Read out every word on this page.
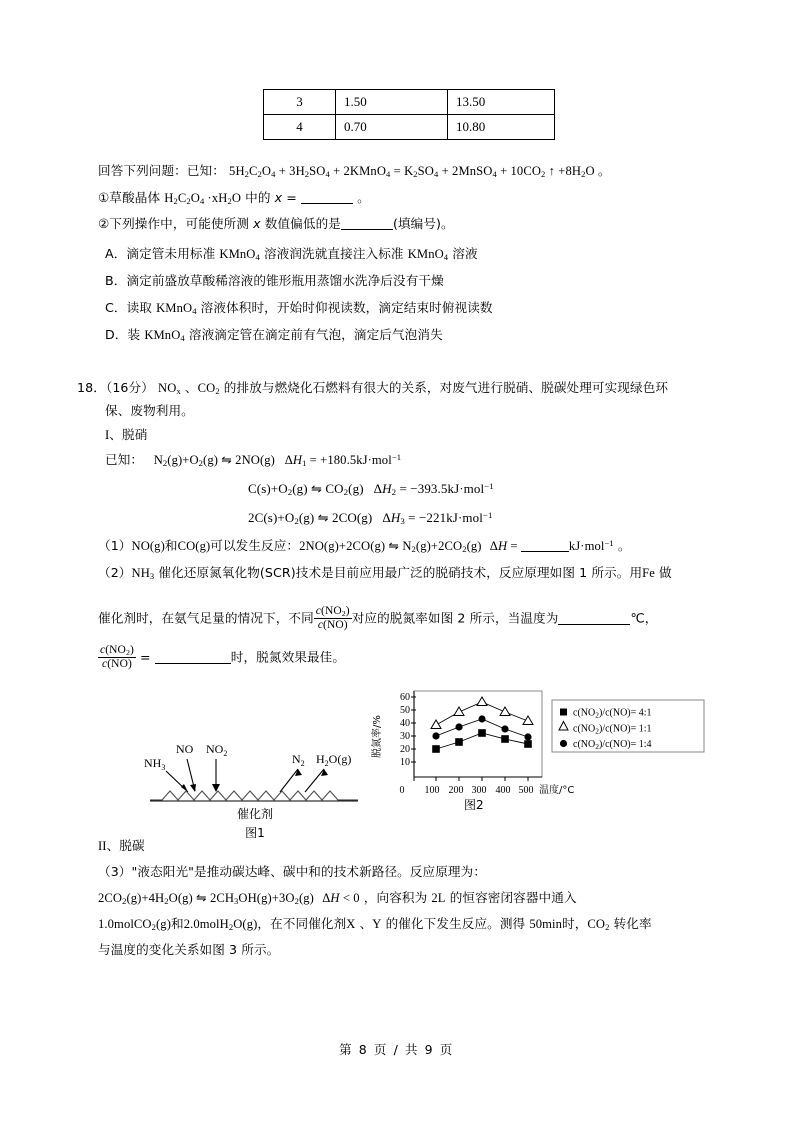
3	1.50	13.50
4	0.70	10.80
回答下列问题：已知： $5H_2C_2O_4 + 3H_2SO_4$ + 2KMnO$_4$ = $K_2SO_4$ + 2MnSO$_4$ + $10CO_2$ ↑ $+8H_2O$ 。
①草酸晶体 $H_2C_2O_4 \cdot xH_2O$ 中的 x =	。
②下列操作中，可能使所测 x 数值偏低的是	(填编号)。
A．滴定管未用标准 KMnO$_4$ 溶液润洗就直接注入标准 KMnO$_4$ 溶液
B．滴定前盛放草酸稀溶液的锥形瓶用蒸馏水洗净后没有干燥
C．读取 KMnO$_4$ 溶液体积时，开始时仰视读数，滴定结束时俯视读数
D．装 KMnO$_4$ 溶液滴定管在滴定前有气泡，滴定后气泡消失
18．（16分） $NO_x$ 、$CO_2$ 的排放与燃烧化石燃料有很大的关系，对废气进行脱硝、脱碳处理可实现绿色环
保、废物利用。
I、脱硝
已知：   $N_2(g)+O_2(g)$ ⇋ 2NO(g)   $\Delta H_1 = +180.5kJ\cdot mol^{-1}$
$C(s)+O_2(g)$ ⇋ $CO_2(g) \Delta H_2 = -393.5kJ\cdot mol^{-1}$
$2C(s)+O_2(g)$ ⇋ 2CO(g)   $\Delta H_3 = -221kJ\cdot mol^{-1}$
（1）NO(g)和CO(g)可以发生反应：2NO(g)+2CO(g) ⇋ $N_2(g)+2CO_2(g) \Delta H$ =	kJ·mol$^{-1}$ 。
$(2)NH_3$ 催化还原氮氧化物(SCR)技术是目前应用最广泛的脱硝技术，反应原理如图 1 所示。用Fe 做
催化剂时，在氨气足量的情况下，不同 $\frac{c(NO_2)}{c(NO)}$ 对应的脱氮率如图 2 所示，当温度为	℃，
$\frac{c(NO_2)}{c(NO)}$ =	时，脱氮效果最佳。
$NH_3$
NO $NO_2$	$N_2$ $H_2O(g)$
催化剂
图1
脱氮率/%
60
50
40
30
20
10
0 100 200 300 400 500 温度/°C
$c(NO_2)/c(NO)=$ 4:1
$c(NO_2)/c(NO)=$ 1:1
$c(NO_2)/c(NO)=$ 1:4
图2
II、脱碳
（3）"液态阳光"是推动碳达峰、碳中和的技术新路径。反应原理为：
$2CO_2(g)+4H_2O(g)$ ⇋ $2CH_3OH(g)+3O_2(g) \Delta H < 0$ ，向容积为 2L 的恒容密闭容器中通入
1.0molCO$_2$(g)和2.0molH$_2$O(g)，在不同催化剂X 、Y 的催化下发生反应。测得 50min时，$CO_2$ 转化率
与温度的变化关系如图 3 所示。
第 8 页 / 共 9 页
